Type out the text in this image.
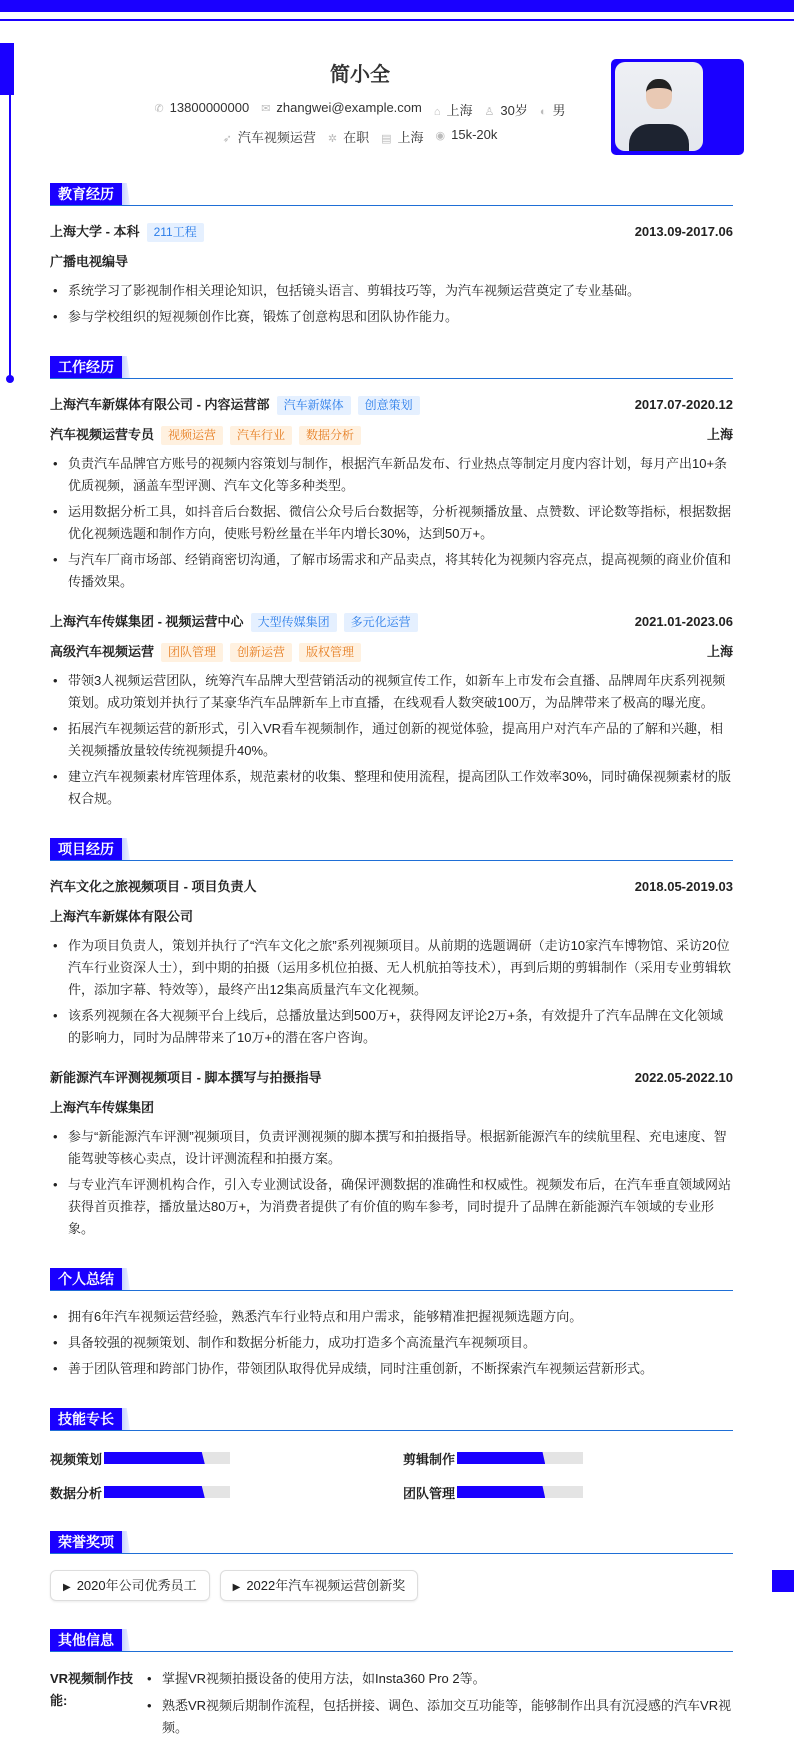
简小全
✆ 13800000000 ✉ zhangwei@example.com ⌂ 上海 ♙ 30岁 ◐ 男
➶ 汽车视频运营 ✲ 在职 ▤ 上海 ◉ 15k-20k
教育经历
上海大学 - 本科	211工程	2013.09-2017.06
广播电视编导
• 系统学习了影视制作相关理论知识，包括镜头语言、剪辑技巧等，为汽车视频运营奠定了专业基础。
• 参与学校组织的短视频创作比赛，锻炼了创意构思和团队协作能力。
工作经历
上海汽车新媒体有限公司 - 内容运营部	汽车新媒体	创意策划	2017.07-2020.12
汽车视频运营专员	视频运营	汽车行业	数据分析	上海
• 负责汽车品牌官方账号的视频内容策划与制作，根据汽车新品发布、行业热点等制定月度内容计划，每月产出10+条优质视频，涵盖车型评测、汽车文化等多种类型。
• 运用数据分析工具，如抖音后台数据、微信公众号后台数据等，分析视频播放量、点赞数、评论数等指标，根据数据优化视频选题和制作方向，使账号粉丝量在半年内增长30%，达到50万+。
• 与汽车厂商市场部、经销商密切沟通，了解市场需求和产品卖点，将其转化为视频内容亮点，提高视频的商业价值和传播效果。
上海汽车传媒集团 - 视频运营中心	大型传媒集团	多元化运营	2021.01-2023.06
高级汽车视频运营	团队管理	创新运营	版权管理	上海
• 带领3人视频运营团队，统筹汽车品牌大型营销活动的视频宣传工作，如新车上市发布会直播、品牌周年庆系列视频策划。成功策划并执行了某豪华汽车品牌新车上市直播，在线观看人数突破100万，为品牌带来了极高的曝光度。
• 拓展汽车视频运营的新形式，引入VR看车视频制作，通过创新的视觉体验，提高用户对汽车产品的了解和兴趣，相关视频播放量较传统视频提升40%。
• 建立汽车视频素材库管理体系，规范素材的收集、整理和使用流程，提高团队工作效率30%，同时确保视频素材的版权合规。
项目经历
汽车文化之旅视频项目 - 项目负责人	2018.05-2019.03
上海汽车新媒体有限公司
• 作为项目负责人，策划并执行了“汽车文化之旅”系列视频项目。从前期的选题调研（走访10家汽车博物馆、采访20位汽车行业资深人士），到中期的拍摄（运用多机位拍摄、无人机航拍等技术），再到后期的剪辑制作（采用专业剪辑软件，添加字幕、特效等），最终产出12集高质量汽车文化视频。
• 该系列视频在各大视频平台上线后，总播放量达到500万+，获得网友评论2万+条，有效提升了汽车品牌在文化领域的影响力，同时为品牌带来了10万+的潜在客户咨询。
新能源汽车评测视频项目 - 脚本撰写与拍摄指导	2022.05-2022.10
上海汽车传媒集团
• 参与“新能源汽车评测”视频项目，负责评测视频的脚本撰写和拍摄指导。根据新能源汽车的续航里程、充电速度、智能驾驶等核心卖点，设计评测流程和拍摄方案。
• 与专业汽车评测机构合作，引入专业测试设备，确保评测数据的准确性和权威性。视频发布后，在汽车垂直领域网站获得首页推荐，播放量达80万+，为消费者提供了有价值的购车参考，同时提升了品牌在新能源汽车领域的专业形象。
个人总结
• 拥有6年汽车视频运营经验，熟悉汽车行业特点和用户需求，能够精准把握视频选题方向。
• 具备较强的视频策划、制作和数据分析能力，成功打造多个高流量汽车视频项目。
• 善于团队管理和跨部门协作，带领团队取得优异成绩，同时注重创新，不断探索汽车视频运营新形式。
技能专长
视频策划	剪辑制作
数据分析	团队管理
荣誉奖项
▶ 2020年公司优秀员工	▶ 2022年汽车视频运营创新奖
其他信息
VR视频制作技能:
• 掌握VR视频拍摄设备的使用方法，如Insta360 Pro 2等。
• 熟悉VR视频后期制作流程，包括拼接、调色、添加交互功能等，能够制作出具有沉浸感的汽车VR视频。
